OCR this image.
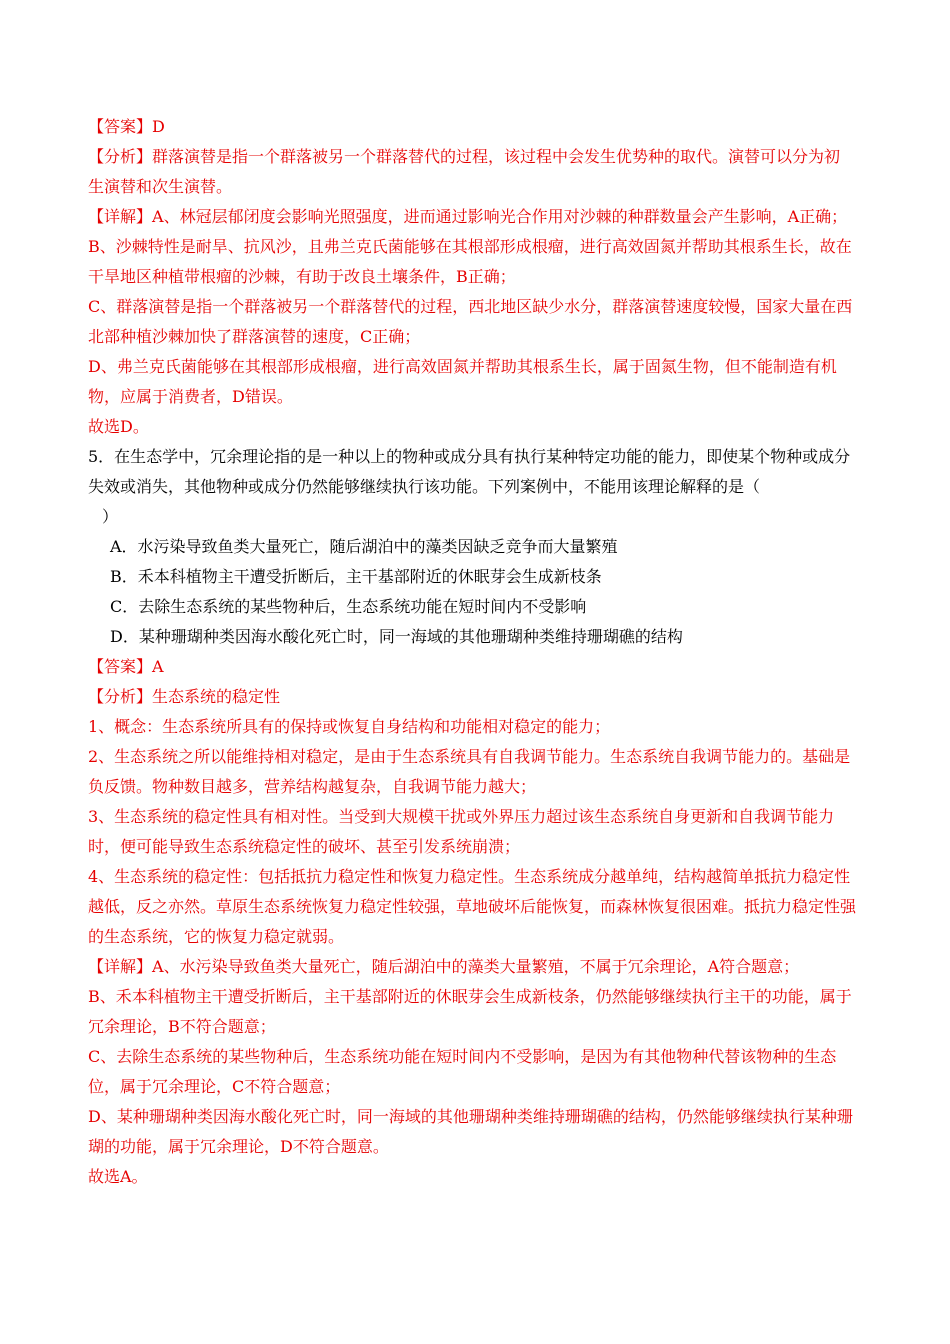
【答案】D

【分析】群落演替是指一个群落被另一个群落替代的过程，该过程中会发生优势种的取代。演替可以分为初生演替和次生演替。

【详解】A、林冠层郁闭度会影响光照强度，进而通过影响光合作用对沙棘的种群数量会产生影响，A正确；

B、沙棘特性是耐旱、抗风沙，且弗兰克氏菌能够在其根部形成根瘤，进行高效固氮并帮助其根系生长，故在干旱地区种植带根瘤的沙棘，有助于改良土壤条件，B正确；

C、群落演替是指一个群落被另一个群落替代的过程，西北地区缺少水分，群落演替速度较慢，国家大量在西北部种植沙棘加快了群落演替的速度，C正确；

D、弗兰克氏菌能够在其根部形成根瘤，进行高效固氮并帮助其根系生长，属于固氮生物，但不能制造有机物，应属于消费者，D错误。

故选D。

5．在生态学中，冗余理论指的是一种以上的物种或成分具有执行某种特定功能的能力，即使某个物种或成分失效或消失，其他物种或成分仍然能够继续执行该功能。下列案例中，不能用该理论解释的是（

）

A．水污染导致鱼类大量死亡，随后湖泊中的藻类因缺乏竞争而大量繁殖

B．禾本科植物主干遭受折断后，主干基部附近的休眠芽会生成新枝条

C．去除生态系统的某些物种后，生态系统功能在短时间内不受影响

D．某种珊瑚种类因海水酸化死亡时，同一海域的其他珊瑚种类维持珊瑚礁的结构

【答案】A

【分析】生态系统的稳定性

1、概念：生态系统所具有的保持或恢复自身结构和功能相对稳定的能力；

2、生态系统之所以能维持相对稳定，是由于生态系统具有自我调节能力。生态系统自我调节能力的。基础是负反馈。物种数目越多，营养结构越复杂，自我调节能力越大；

3、生态系统的稳定性具有相对性。当受到大规模干扰或外界压力超过该生态系统自身更新和自我调节能力时，便可能导致生态系统稳定性的破坏、甚至引发系统崩溃；

4、生态系统的稳定性：包括抵抗力稳定性和恢复力稳定性。生态系统成分越单纯，结构越简单抵抗力稳定性越低，反之亦然。草原生态系统恢复力稳定性较强，草地破坏后能恢复，而森林恢复很困难。抵抗力稳定性强的生态系统，它的恢复力稳定就弱。

【详解】A、水污染导致鱼类大量死亡，随后湖泊中的藻类大量繁殖，不属于冗余理论，A符合题意；

B、禾本科植物主干遭受折断后，主干基部附近的休眠芽会生成新枝条，仍然能够继续执行主干的功能，属于冗余理论，B不符合题意；

C、去除生态系统的某些物种后，生态系统功能在短时间内不受影响，是因为有其他物种代替该物种的生态位，属于冗余理论，C不符合题意；

D、某种珊瑚种类因海水酸化死亡时，同一海域的其他珊瑚种类维持珊瑚礁的结构，仍然能够继续执行某种珊瑚的功能，属于冗余理论，D不符合题意。

故选A。
